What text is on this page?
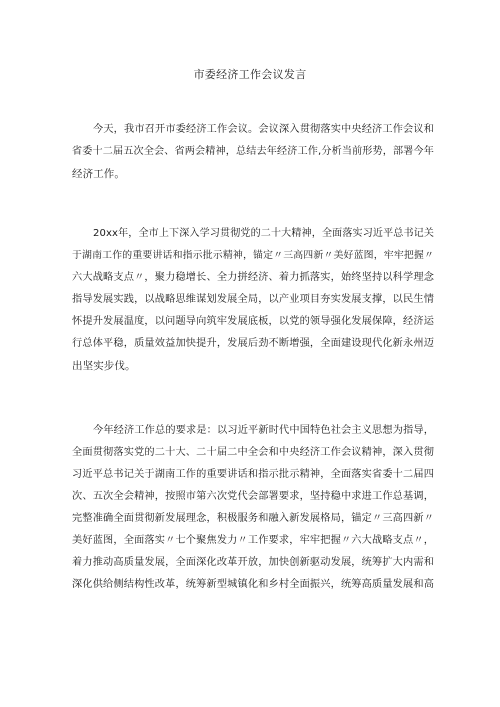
市委经济工作会议发言
今天，我市召开市委经济工作会议。会议深入贯彻落实中央经济工作会议和
省委十二届五次全会、省两会精神，总结去年经济工作,分析当前形势，部署今年
经济工作。
20xx年，全市上下深入学习贯彻党的二十大精神，全面落实习近平总书记关
于湖南工作的重要讲话和指示批示精神，锚定〃三高四新〃美好蓝图，牢牢把握〃
六大战略支点〃，聚力稳增长、全力拼经济、着力抓落实，始终坚持以科学理念
指导发展实践，以战略思维谋划发展全局，以产业项目夯实发展支撑，以民生情
怀提升发展温度，以问题导向筑牢发展底板，以党的领导强化发展保障，经济运
行总体平稳，质量效益加快提升，发展后劲不断增强，全面建设现代化新永州迈
出坚实步伐。
今年经济工作总的要求是：以习近平新时代中国特色社会主义思想为指导，
全面贯彻落实党的二十大、二十届二中全会和中央经济工作会议精神，深入贯彻
习近平总书记关于湖南工作的重要讲话和指示批示精神，全面落实省委十二届四
次、五次全会精神，按照市第六次党代会部署要求，坚持稳中求进工作总基调，
完整准确全面贯彻新发展理念，积极服务和融入新发展格局，锚定〃三高四新〃
美好蓝图，全面落实〃七个聚焦发力〃工作要求，牢牢把握〃六大战略支点〃，
着力推动高质量发展，全面深化改革开放，加快创新驱动发展，统筹扩大内需和
深化供给侧结构性改革，统筹新型城镇化和乡村全面振兴，统筹高质量发展和高
